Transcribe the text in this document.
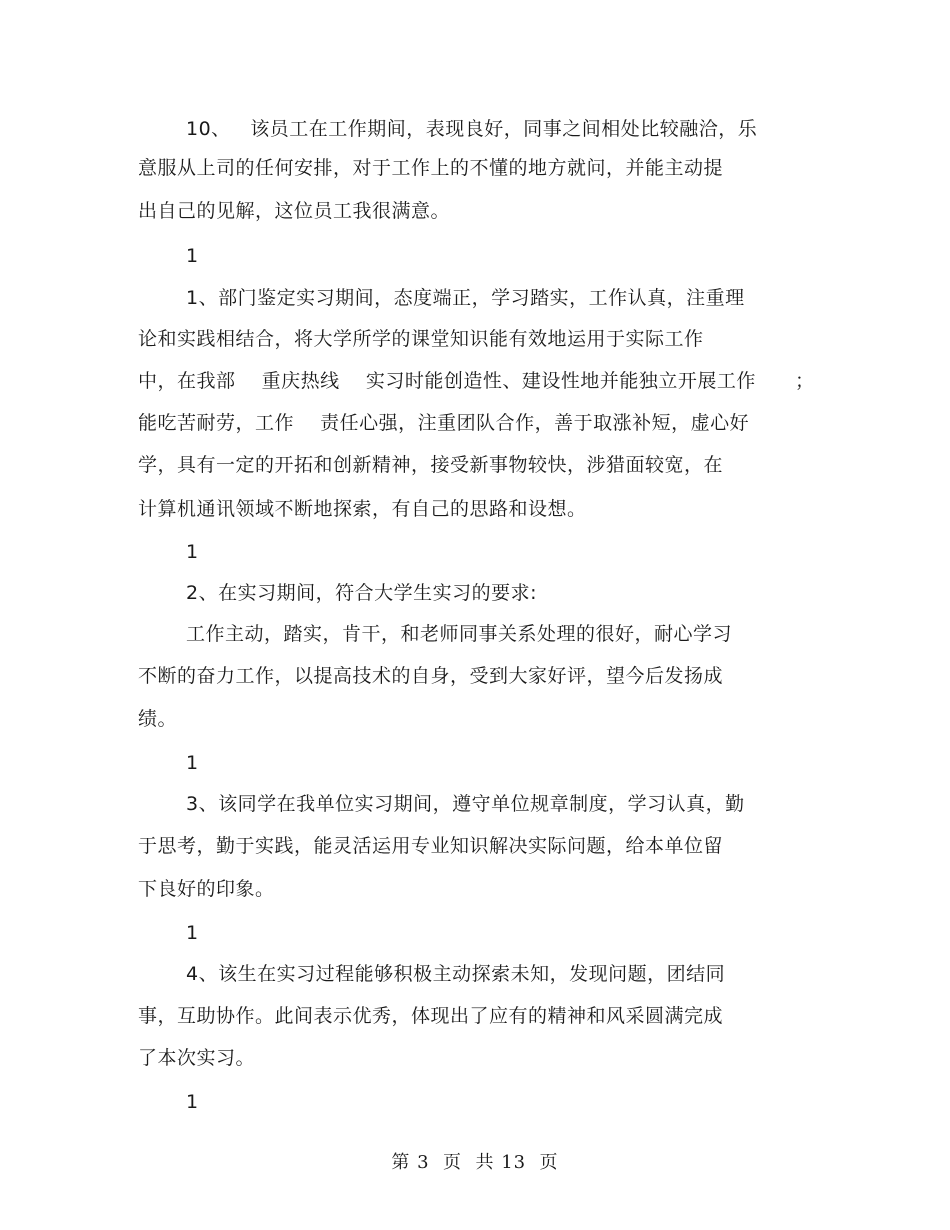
10、   该员工在工作期间，表现良好，同事之间相处比较融洽，乐
意服从上司的任何安排，对于工作上的不懂的地方就问，并能主动提
出自己的见解，这位员工我很满意。
1
1、部门鉴定实习期间，态度端正，学习踏实，工作认真，注重理
论和实践相结合，将大学所学的课堂知识能有效地运用于实际工作
中，在我部    重庆热线    实习时能创造性、建设性地并能独立开展工作      ；
能吃苦耐劳，工作    责任心强，注重团队合作，善于取涨补短，虚心好
学，具有一定的开拓和创新精神，接受新事物较快，涉猎面较宽，在
计算机通讯领域不断地探索，有自己的思路和设想。
1
2、在实习期间，符合大学生实习的要求:
工作主动，踏实，肯干，和老师同事关系处理的很好，耐心学习
不断的奋力工作，以提高技术的自身，受到大家好评，望今后发扬成
绩。
1
3、该同学在我单位实习期间，遵守单位规章制度，学习认真，勤
于思考，勤于实践，能灵活运用专业知识解决实际问题，给本单位留
下良好的印象。
1
4、该生在实习过程能够积极主动探索未知，发现问题，团结同
事，互助协作。此间表示优秀，体现出了应有的精神和风采圆满完成
了本次实习。
1
第 3  页  共 13  页
